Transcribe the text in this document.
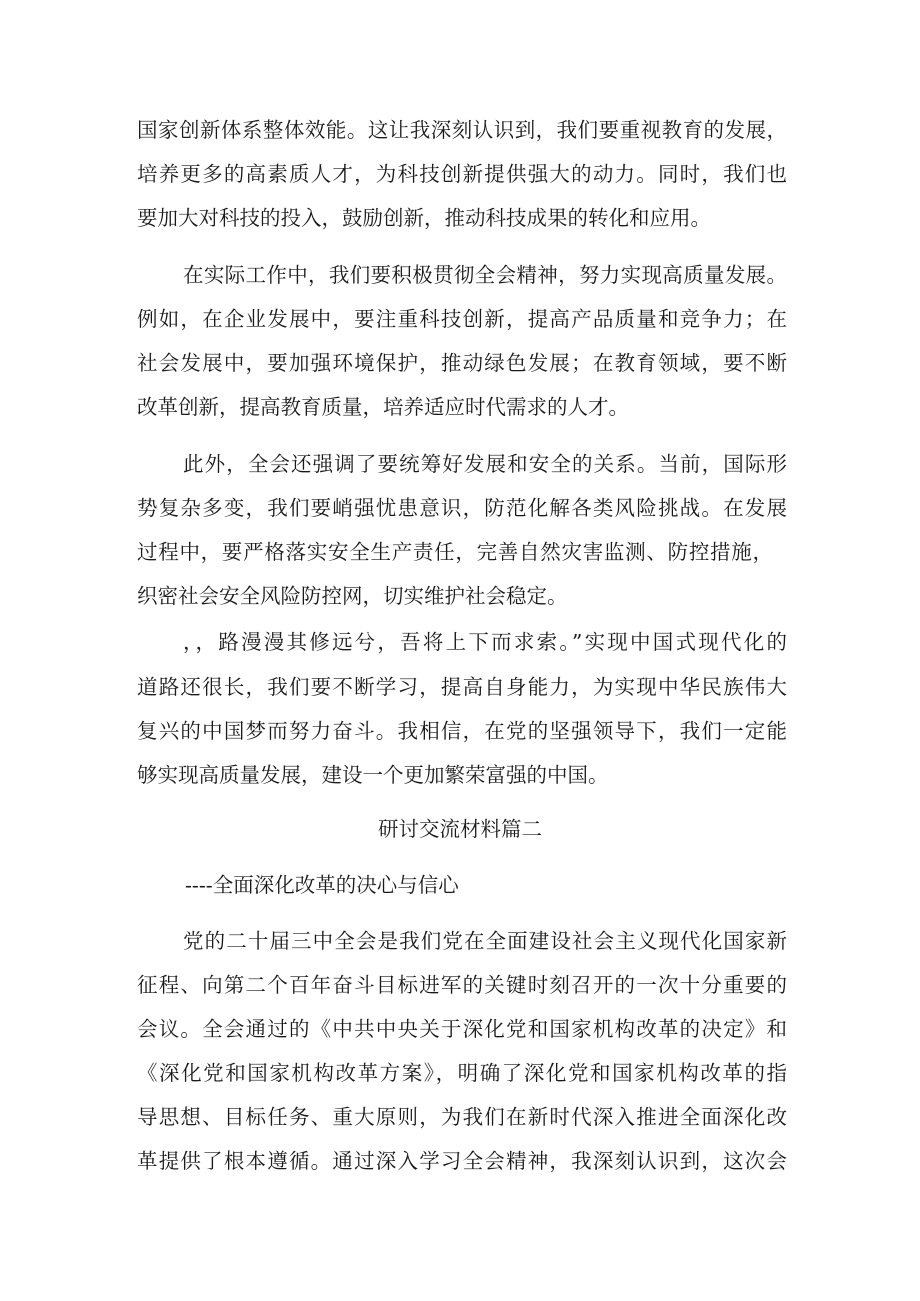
国家创新体系整体效能。这让我深刻认识到，我们要重视教育的发展，
培养更多的高素质人才，为科技创新提供强大的动力。同时，我们也
要加大对科技的投入，鼓励创新，推动科技成果的转化和应用。
在实际工作中，我们要积极贯彻全会精神，努力实现高质量发展。
例如，在企业发展中，要注重科技创新，提高产品质量和竞争力；在
社会发展中，要加强环境保护，推动绿色发展；在教育领域，要不断
改革创新，提高教育质量，培养适应时代需求的人才。
此外，全会还强调了要统筹好发展和安全的关系。当前，国际形
势复杂多变，我们要峭强忧患意识，防范化解各类风险挑战。在发展
过程中，要严格落实安全生产责任，完善自然灾害监测、防控措施，
织密社会安全风险防控网，切实维护社会稳定。
，，路漫漫其修远兮，吾将上下而求索。”实现中国式现代化的
道路还很长，我们要不断学习，提高自身能力，为实现中华民族伟大
复兴的中国梦而努力奋斗。我相信，在党的坚强领导下，我们一定能
够实现高质量发展，建设一个更加繁荣富强的中国。
研讨交流材料篇二
----全面深化改革的决心与信心
党的二十届三中全会是我们党在全面建设社会主义现代化国家新
征程、向第二个百年奋斗目标进军的关键时刻召开的一次十分重要的
会议。全会通过的《中共中央关于深化党和国家机构改革的决定》和
《深化党和国家机构改革方案》，明确了深化党和国家机构改革的指
导思想、目标任务、重大原则，为我们在新时代深入推进全面深化改
革提供了根本遵循。通过深入学习全会精神，我深刻认识到，这次会
